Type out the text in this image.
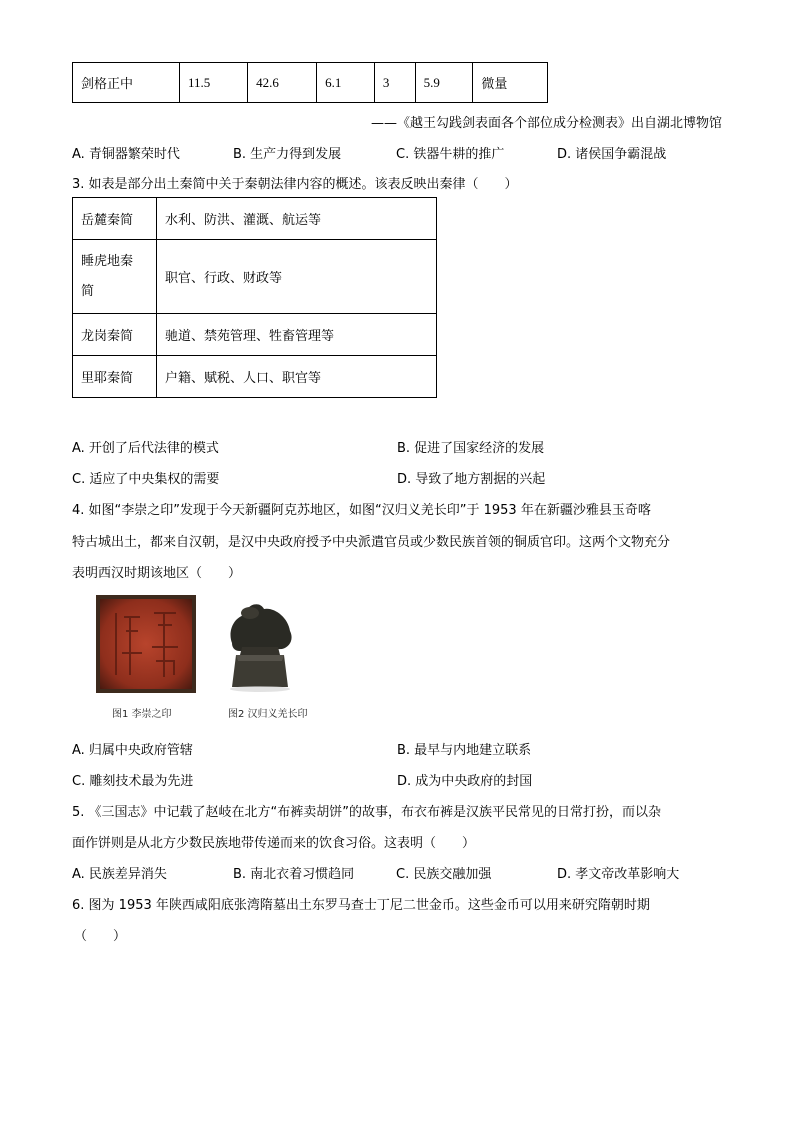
剑格正中	11.5	42.6	6.1	3	5.9	微量
——《越王勾践剑表面各个部位成分检测表》出自湖北博物馆
A. 青铜器繁荣时代	B. 生产力得到发展	C. 铁器牛耕的推广	D. 诸侯国争霸混战
3. 如表是部分出土秦简中关于秦朝法律内容的概述。该表反映出秦律（　　）
岳麓秦简	水利、防洪、灌溉、航运等
睡虎地秦
简	职官、行政、财政等
龙岗秦简	驰道、禁苑管理、牲畜管理等
里耶秦简	户籍、赋税、人口、职官等
A. 开创了后代法律的模式	B. 促进了国家经济的发展
C. 适应了中央集权的需要	D. 导致了地方割据的兴起
4. 如图“李崇之印”发现于今天新疆阿克苏地区，如图“汉归义羌长印”于 1953 年在新疆沙雅县玉奇喀
特古城出土，都来自汉朝，是汉中央政府授予中央派遣官员或少数民族首领的铜质官印。这两个文物充分
表明西汉时期该地区（　　）
图1 李崇之印	图2 汉归义羌长印
A. 归属中央政府管辖	B. 最早与内地建立联系
C. 雕刻技术最为先进	D. 成为中央政府的封国
5. 《三国志》中记载了赵岐在北方“布裤卖胡饼”的故事，布衣布裤是汉族平民常见的日常打扮，而以杂
面作饼则是从北方少数民族地带传递而来的饮食习俗。这表明（　　）
A. 民族差异消失	B. 南北衣着习惯趋同	C. 民族交融加强	D. 孝文帝改革影响大
6. 图为 1953 年陕西咸阳底张湾隋墓出土东罗马查士丁尼二世金币。这些金币可以用来研究隋朝时期
（　　）
